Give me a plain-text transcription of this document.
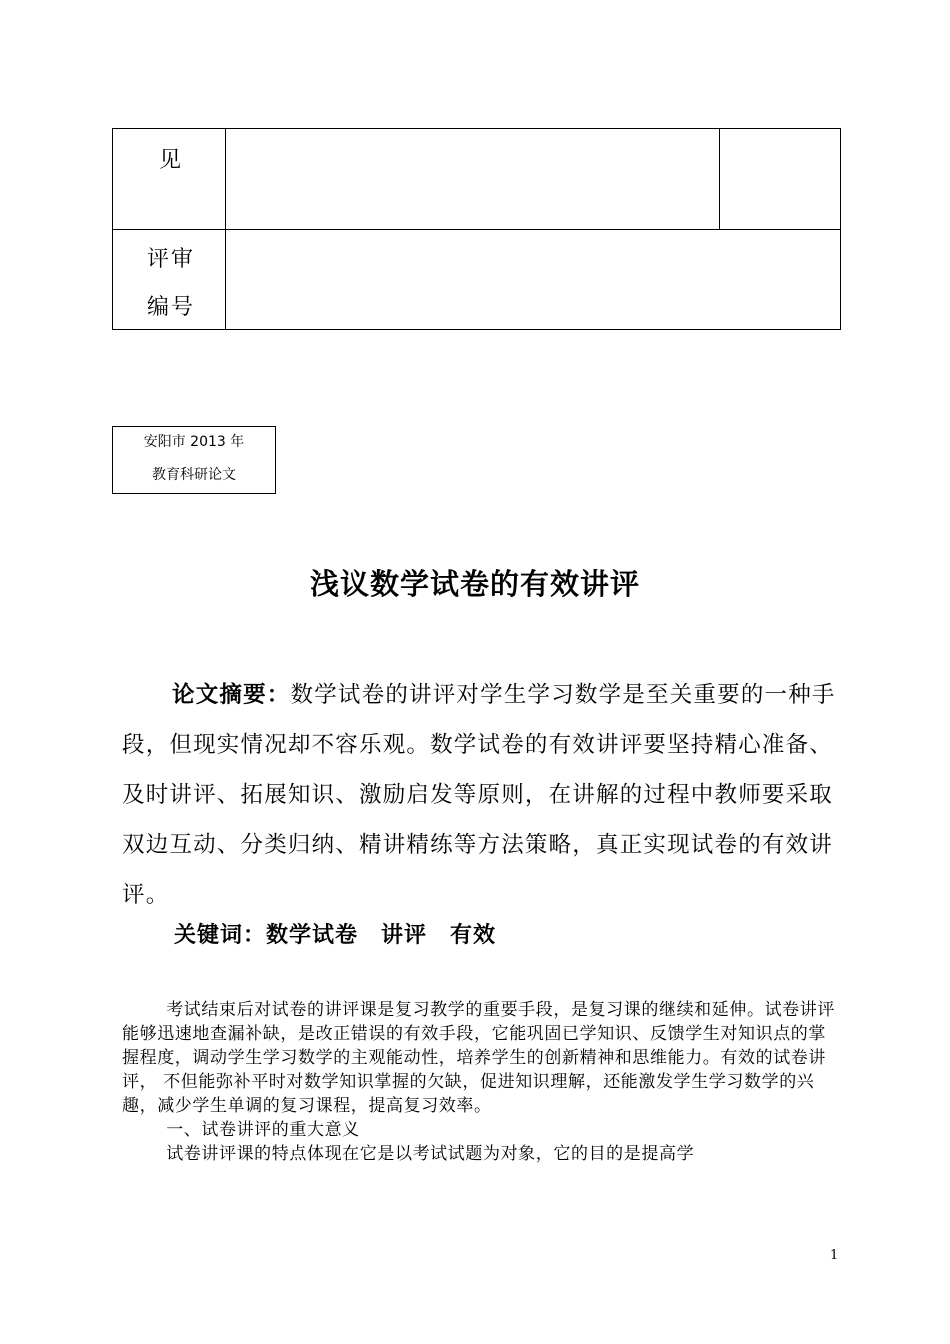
见
评审
编号
安阳市 2013 年
教育科研论文
浅议数学试卷的有效讲评
论文摘要：数学试卷的讲评对学生学习数学是至关重要的一种手段，但现实情况却不容乐观。数学试卷的有效讲评要坚持精心准备、及时讲评、拓展知识、激励启发等原则，在讲解的过程中教师要采取双边互动、分类归纳、精讲精练等方法策略，真正实现试卷的有效讲评。
关键词：数学试卷　讲评　有效

考试结束后对试卷的讲评课是复习教学的重要手段，是复习课的继续和延伸。试卷讲评能够迅速地查漏补缺，是改正错误的有效手段，它能巩固已学知识、反馈学生对知识点的掌握程度，调动学生学习数学的主观能动性，培养学生的创新精神和思维能力。有效的试卷讲评， 不但能弥补平时对数学知识掌握的欠缺，促进知识理解，还能激发学生学习数学的兴趣，减少学生单调的复习课程，提高复习效率。

一、试卷讲评的重大意义

试卷讲评课的特点体现在它是以考试试题为对象，它的目的是提高学

1
